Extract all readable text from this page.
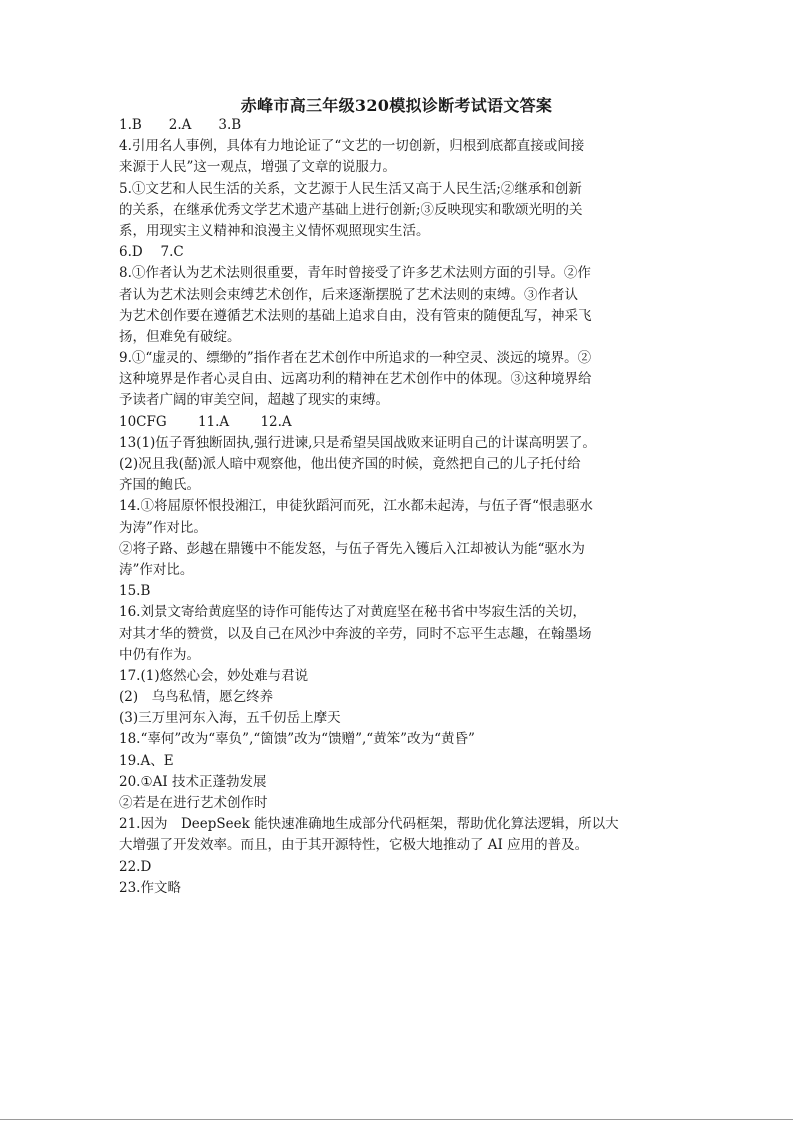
赤峰市高三年级320模拟诊断考试语文答案
1.B　　2.A　　3.B
4.引用名人事例，具体有力地论证了“文艺的一切创新，归根到底都直接或间接
来源于人民”这一观点，增强了文章的说服力。
5.①文艺和人民生活的关系，文艺源于人民生活又高于人民生活;②继承和创新
的关系，在继承优秀文学艺术遗产基础上进行创新;③反映现实和歌颂光明的关
系，用现实主义精神和浪漫主义情怀观照现实生活。
6.D　 7.C
8.①作者认为艺术法则很重要，青年时曾接受了许多艺术法则方面的引导。②作
者认为艺术法则会束缚艺术创作，后来逐渐摆脱了艺术法则的束缚。③作者认
为艺术创作要在遵循艺术法则的基础上追求自由，没有管束的随便乱写，神采飞
扬，但难免有破绽。
9.①“虚灵的、缥缈的”指作者在艺术创作中所追求的一种空灵、淡远的境界。②
这种境界是作者心灵自由、远离功利的精神在艺术创作中的体现。③这种境界给
予读者广阔的审美空间，超越了现实的束缚。
10CFG　　 11.A　　 12.A
13(1)伍子胥独断固执,强行进谏,只是希望吴国战败来证明自己的计谋高明罢了。
(2)况且我(嚭)派人暗中观察他，他出使齐国的时候，竟然把自己的儿子托付给
齐国的鲍氏。
14.①将屈原怀恨投湘江，申徒狄蹈河而死，江水都未起涛，与伍子胥“恨恚驱水
为涛”作对比。
②将子路、彭越在鼎镬中不能发怒，与伍子胥先入镬后入江却被认为能“驱水为
涛”作对比。
15.B
16.刘景文寄给黄庭坚的诗作可能传达了对黄庭坚在秘书省中岑寂生活的关切，
对其才华的赞赏，以及自己在风沙中奔波的辛劳，同时不忘平生志趣，在翰墨场
中仍有作为。
17.(1)悠然心会，妙处难与君说
(2)　乌鸟私情，愿乞终养
(3)三万里河东入海，五千仞岳上摩天
18.“辜何”改为“辜负”,“箇馈”改为“馈赠”,“黄笨”改为“黄昏”
19.A、E
20.①AI 技术正蓬勃发展
②若是在进行艺术创作时
21.因为　DeepSeek 能快速准确地生成部分代码框架，帮助优化算法逻辑，所以大
大增强了开发效率。而且，由于其开源特性，它极大地推动了 AI 应用的普及。
22.D
23.作文略
